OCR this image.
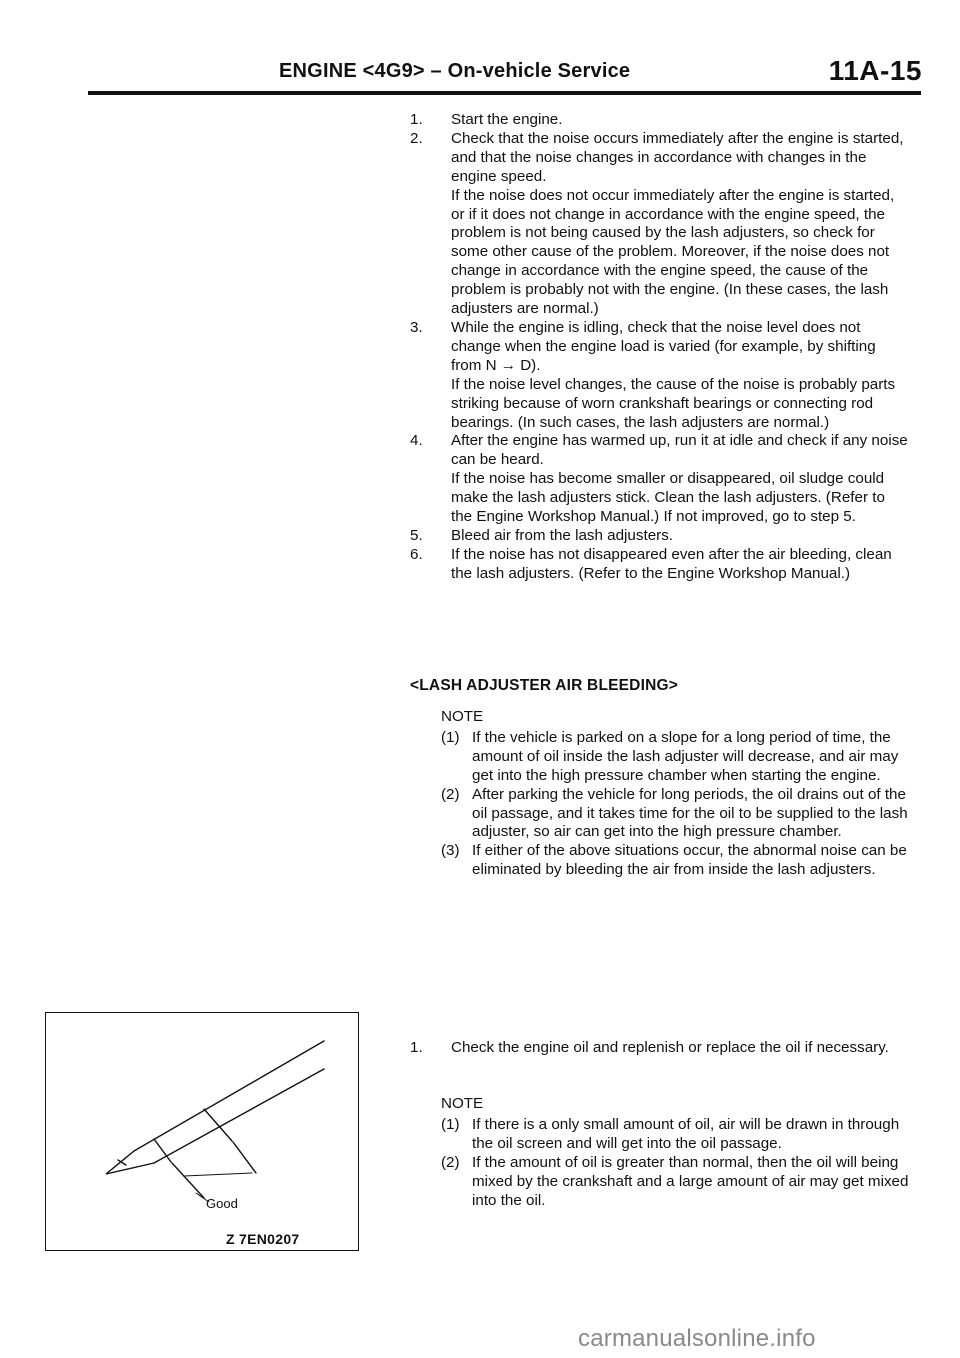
ENGINE <4G9> – On-vehicle Service	11A-15
1.	Start the engine.

2.	Check that the noise occurs immediately after the engine is started, and that the noise changes in accordance with changes in the engine speed.

If the noise does not occur immediately after the engine is started, or if it does not change in accordance with the engine speed, the problem is not being caused by the lash adjusters, so check for some other cause of the problem. Moreover, if the noise does not change in accordance with the engine speed, the cause of the problem is probably not with the engine. (In these cases, the lash adjusters are normal.)

3.	While the engine is idling, check that the noise level does not change when the engine load is varied (for example, by shifting from N → D).

If the noise level changes, the cause of the noise is probably parts striking because of worn crankshaft bearings or connecting rod bearings. (In such cases, the lash adjusters are normal.)

4.	After the engine has warmed up, run it at idle and check if any noise can be heard.

If the noise has become smaller or disappeared, oil sludge could make the lash adjusters stick. Clean the lash adjusters. (Refer to the Engine Workshop Manual.) If not improved, go to step 5.

5.	Bleed air from the lash adjusters.

6.	If the noise has not disappeared even after the air bleeding, clean the lash adjusters. (Refer to the Engine Workshop Manual.)

<LASH ADJUSTER AIR BLEEDING>

NOTE

(1) If the vehicle is parked on a slope for a long period of time, the amount of oil inside the lash adjuster will decrease, and air may get into the high pressure chamber when starting the engine.
(2) After parking the vehicle for long periods, the oil drains out of the oil passage, and it takes time for the oil to be supplied to the lash adjuster, so air can get into the high pressure chamber.
(3) If either of the above situations occur, the abnormal noise can be eliminated by bleeding the air from inside the lash adjusters.
1.	Check the engine oil and replenish or replace the oil if necessary.

NOTE

(1) If there is a only small amount of oil, air will be drawn in through the oil screen and will get into the oil passage.
(2) If the amount of oil is greater than normal, then the oil will being mixed by the crankshaft and a large amount of air may get mixed into the oil.
Good
Z 7EN0207
carmanualsonline.info
